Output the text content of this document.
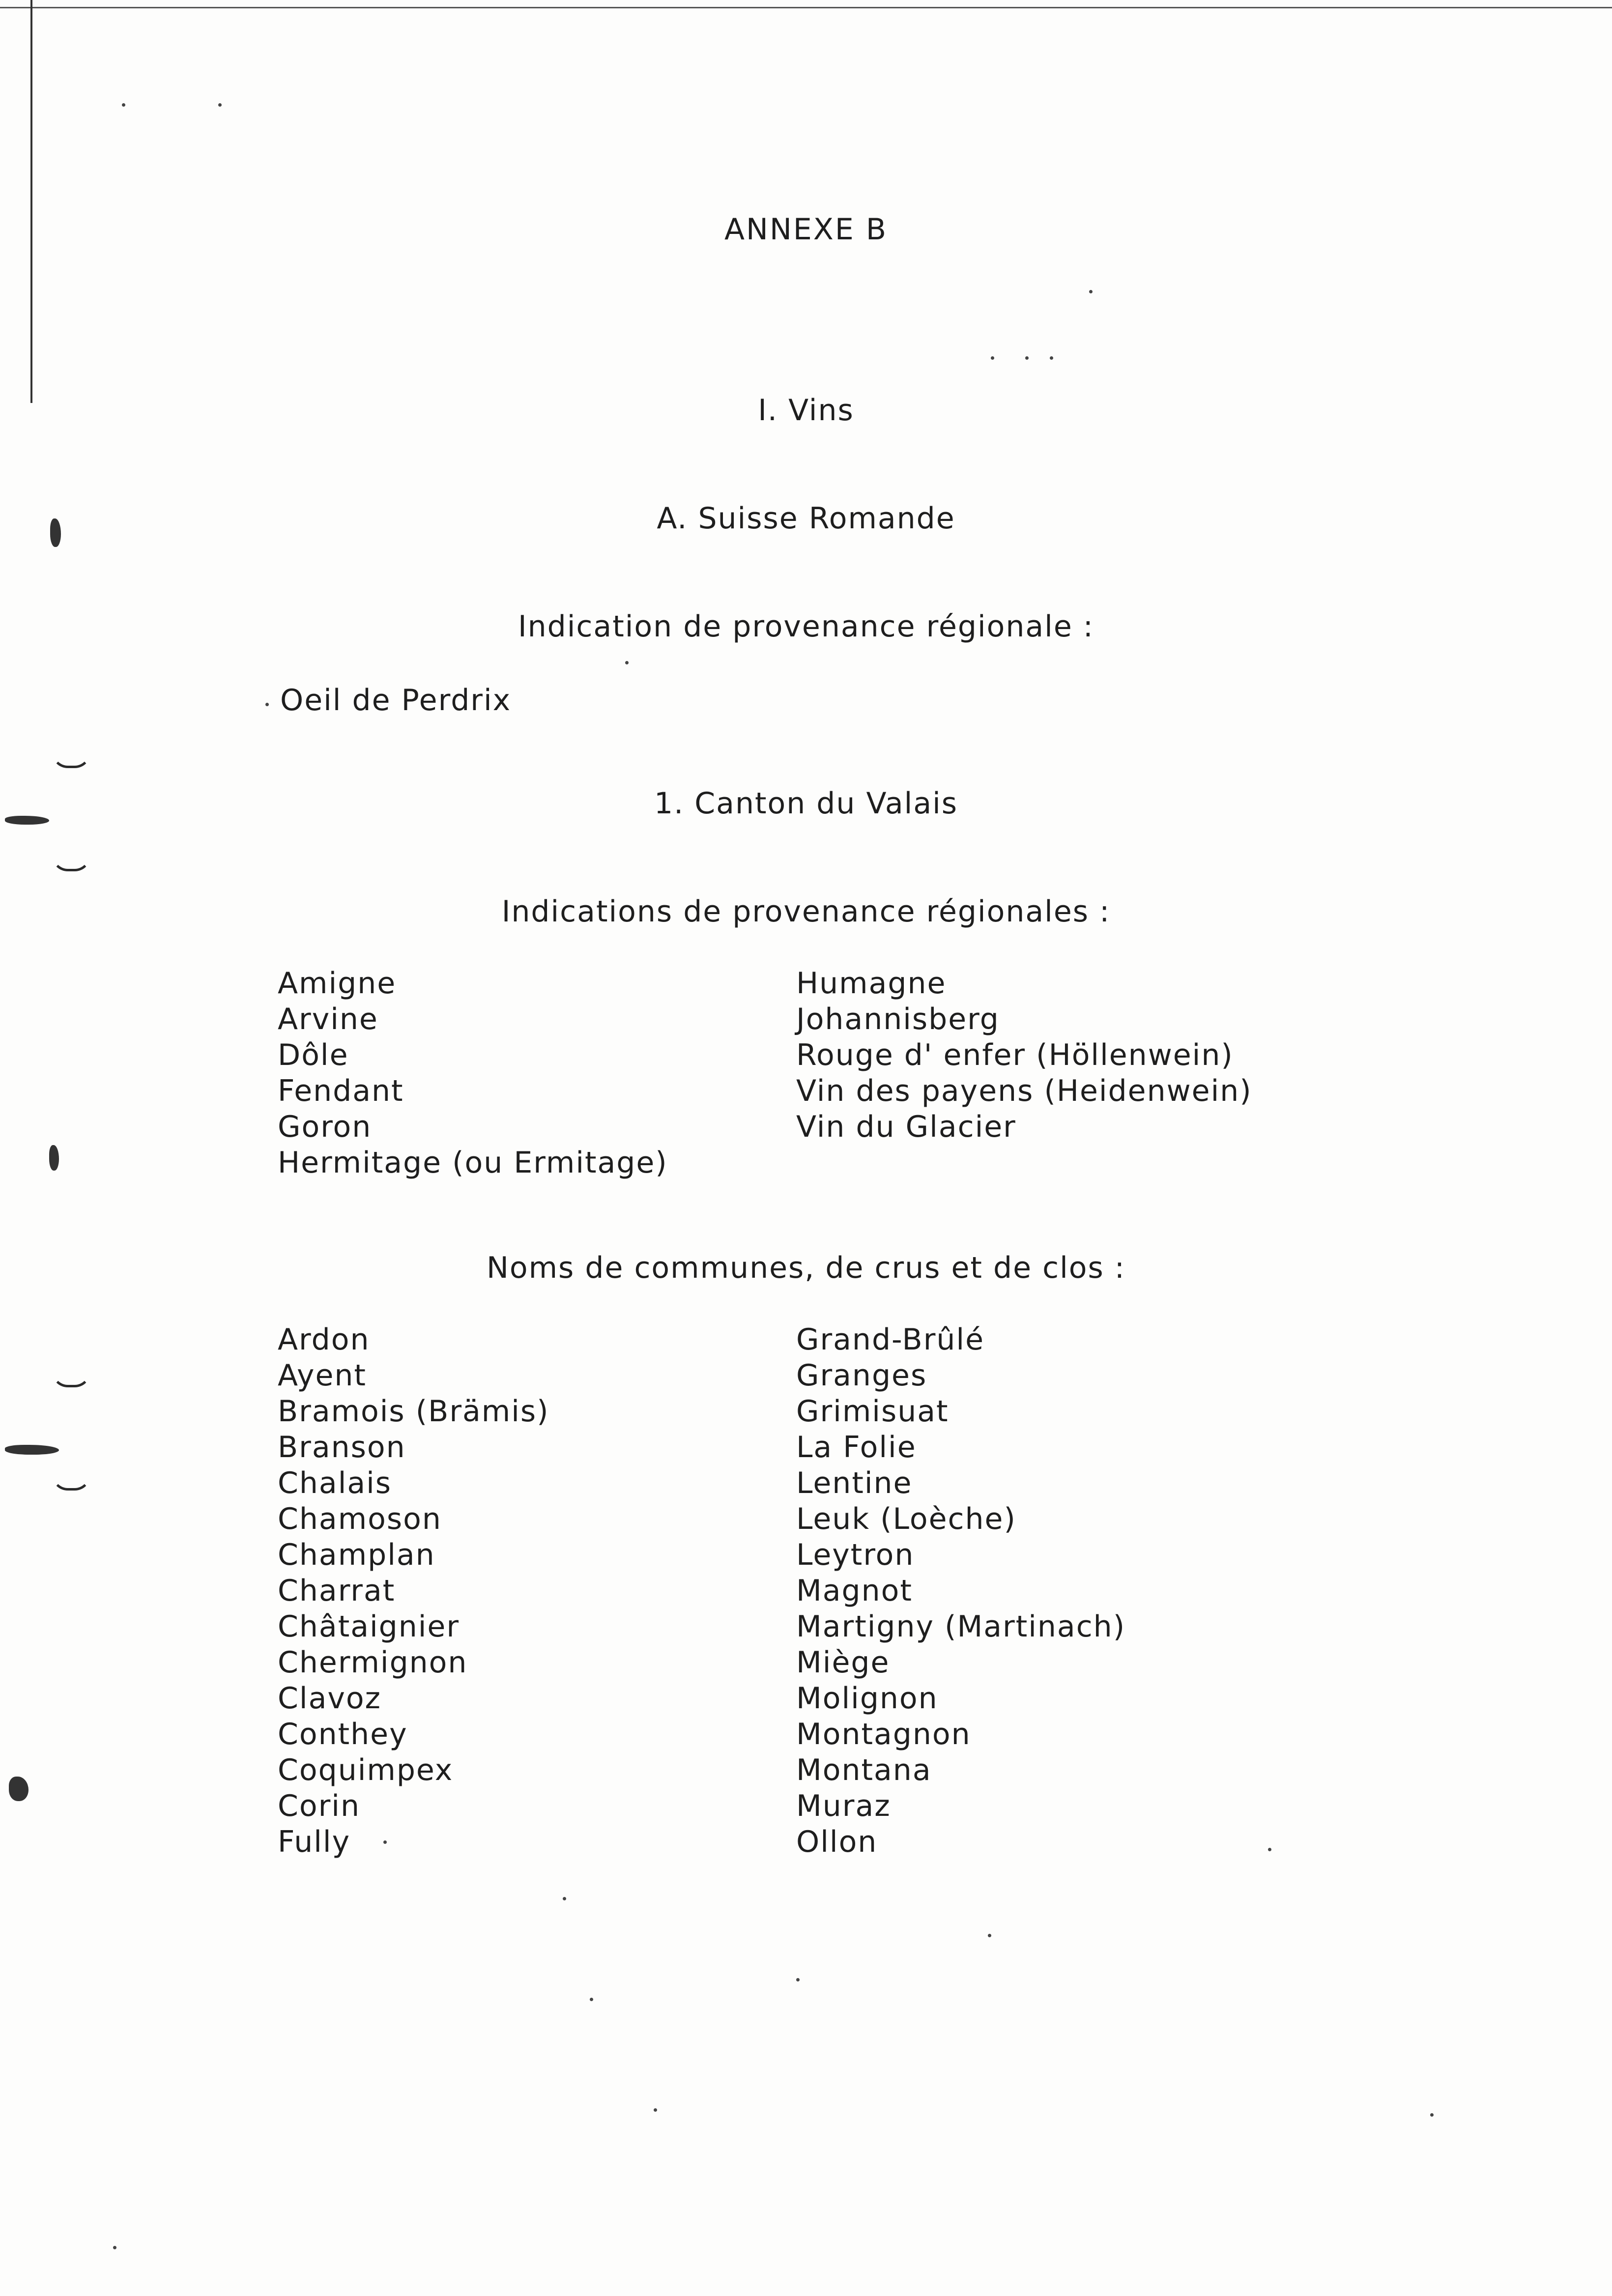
ANNEXE B
I. Vins
A. Suisse Romande
Indication de provenance régionale :
Oeil de Perdrix
1. Canton du Valais
Indications de provenance régionales :
Amigne
Arvine
Dôle
Fendant
Goron
Hermitage (ou Ermitage)
Humagne
Johannisberg
Rouge d' enfer (Höllenwein)
Vin des payens (Heidenwein)
Vin du Glacier
Noms de communes, de crus et de clos :
Ardon
Ayent
Bramois (Brämis)
Branson
Chalais
Chamoson
Champlan
Charrat
Châtaignier
Chermignon
Clavoz
Conthey
Coquimpex
Corin
Fully
Grand-Brûlé
Granges
Grimisuat
La Folie
Lentine
Leuk (Loèche)
Leytron
Magnot
Martigny (Martinach)
Miège
Molignon
Montagnon
Montana
Muraz
Ollon
